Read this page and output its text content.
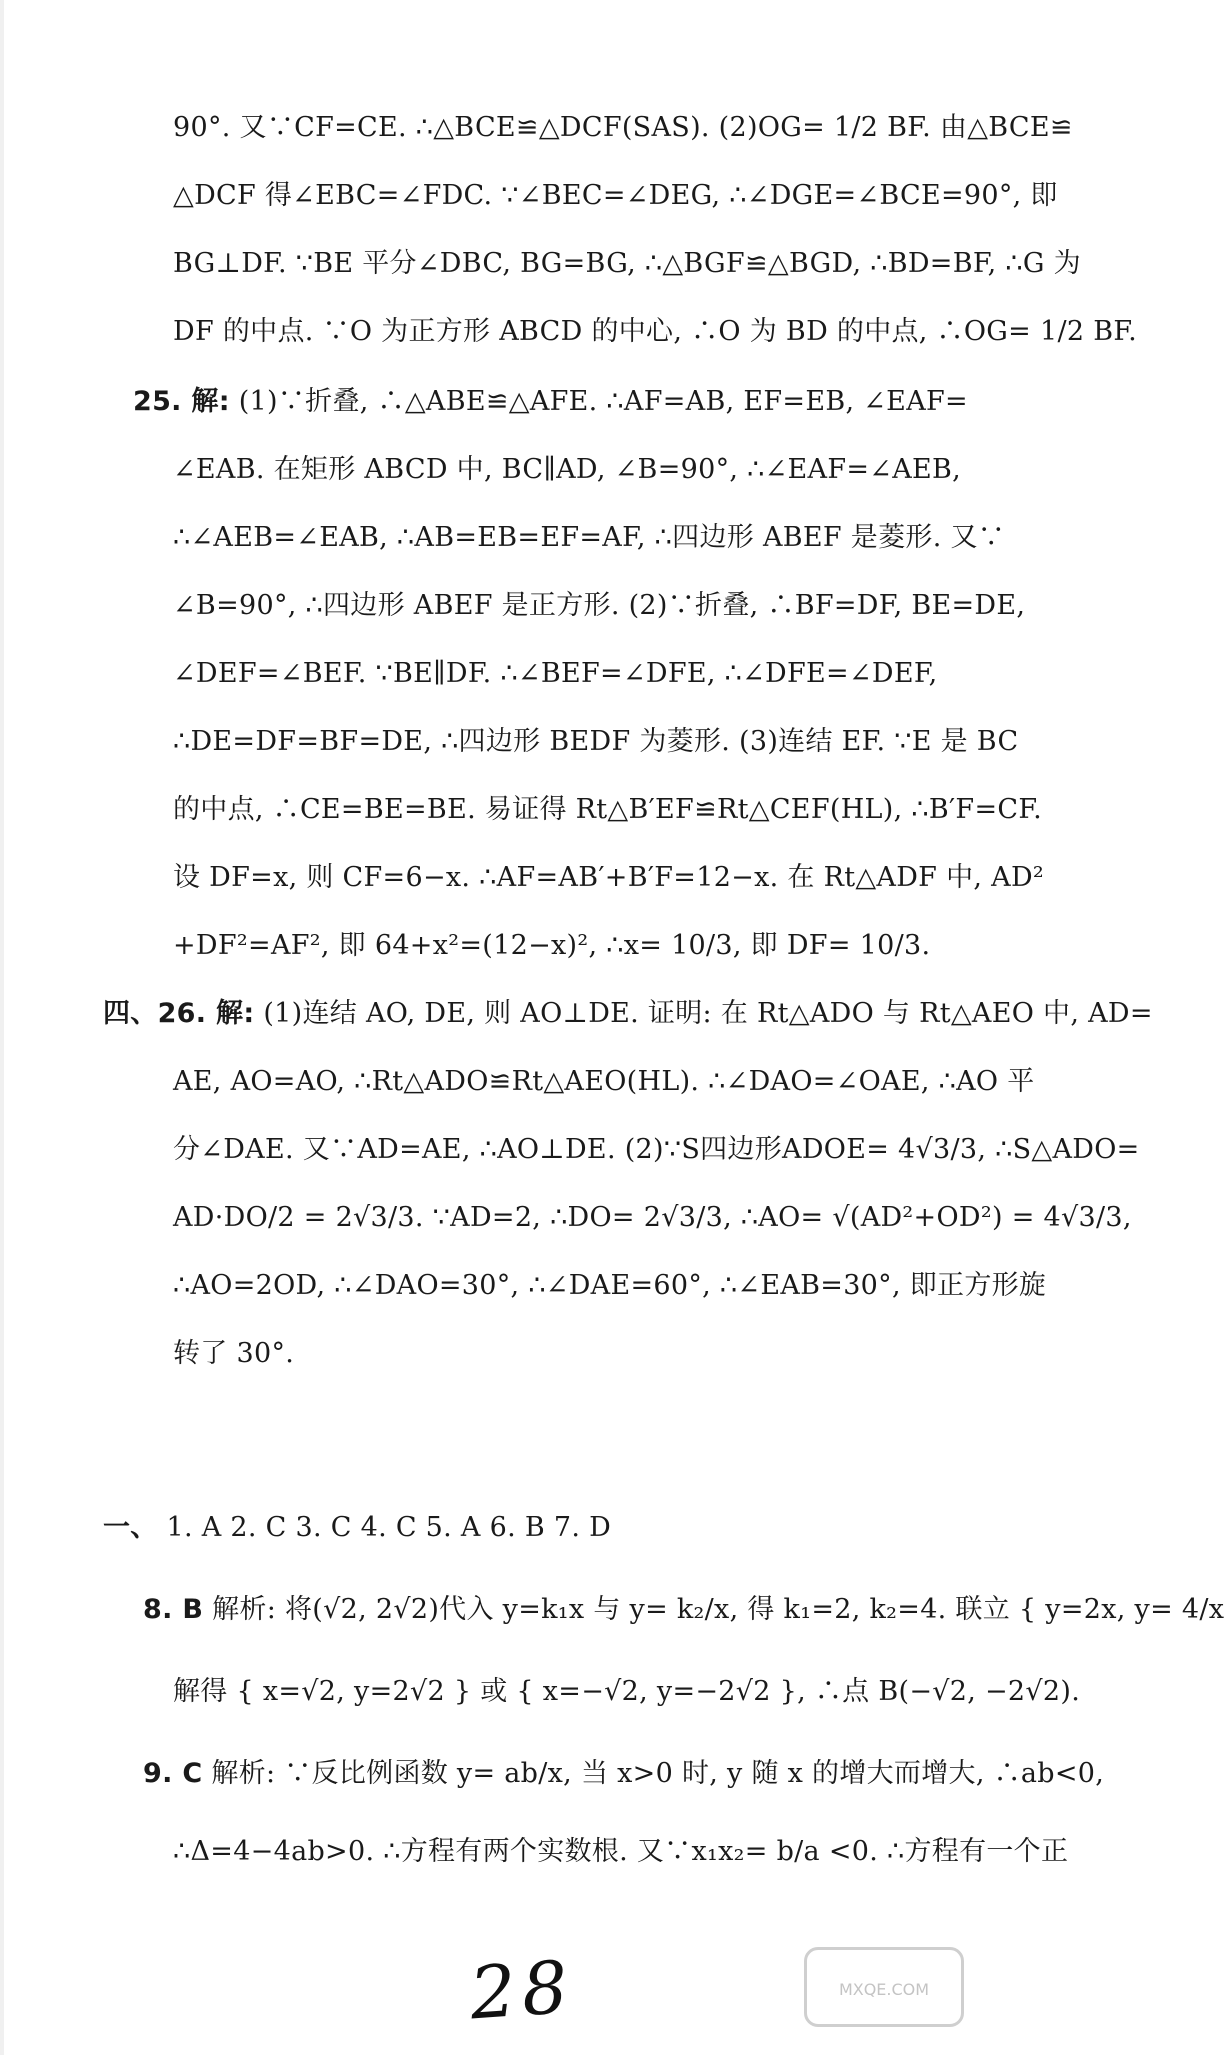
90°. 又∵CF=CE. ∴△BCE≌△DCF(SAS). (2)OG= 1/2 BF. 由△BCE≌
△DCF 得∠EBC=∠FDC. ∵∠BEC=∠DEG, ∴∠DGE=∠BCE=90°, 即
BG⊥DF. ∵BE 平分∠DBC, BG=BG, ∴△BGF≌△BGD, ∴BD=BF, ∴G 为
DF 的中点. ∵O 为正方形 ABCD 的中心, ∴O 为 BD 的中点, ∴OG= 1/2 BF.
25. 解: (1)∵折叠, ∴△ABE≌△AFE. ∴AF=AB, EF=EB, ∠EAF=
∠EAB. 在矩形 ABCD 中, BC∥AD, ∠B=90°, ∴∠EAF=∠AEB,
∴∠AEB=∠EAB, ∴AB=EB=EF=AF, ∴四边形 ABEF 是菱形. 又∵
∠B=90°, ∴四边形 ABEF 是正方形. (2)∵折叠, ∴BF=DF, BE=DE,
∠DEF=∠BEF. ∵BE∥DF. ∴∠BEF=∠DFE, ∴∠DFE=∠DEF,
∴DE=DF=BF=DE, ∴四边形 BEDF 为菱形. (3)连结 EF. ∵E 是 BC
的中点, ∴CE=BE=BE. 易证得 Rt△B′EF≌Rt△CEF(HL), ∴B′F=CF.
设 DF=x, 则 CF=6−x. ∴AF=AB′+B′F=12−x. 在 Rt△ADF 中, AD²
+DF²=AF², 即 64+x²=(12−x)², ∴x= 10/3, 即 DF= 10/3.
四、26. 解: (1)连结 AO, DE, 则 AO⊥DE. 证明: 在 Rt△ADO 与 Rt△AEO 中, AD=
AE, AO=AO, ∴Rt△ADO≌Rt△AEO(HL). ∴∠DAO=∠OAE, ∴AO 平
分∠DAE. 又∵AD=AE, ∴AO⊥DE. (2)∵S四边形ADOE= 4√3/3, ∴S△ADO=
AD·DO/2 = 2√3/3. ∵AD=2, ∴DO= 2√3/3, ∴AO= √(AD²+OD²) = 4√3/3,
∴AO=2OD, ∴∠DAO=30°, ∴∠DAE=60°, ∴∠EAB=30°, 即正方形旋
转了 30°.
一、 1. A 2. C 3. C 4. C 5. A 6. B 7. D
8. B 解析: 将(√2, 2√2)代入 y=k₁x 与 y= k₂/x, 得 k₁=2, k₂=4. 联立 { y=2x, y= 4/x
解得 { x=√2, y=2√2 } 或 { x=−√2, y=−2√2 }, ∴点 B(−√2, −2√2).
9. C 解析: ∵反比例函数 y= ab/x, 当 x>0 时, y 随 x 的增大而增大, ∴ab<0,
∴Δ=4−4ab>0. ∴方程有两个实数根. 又∵x₁x₂= b/a <0. ∴方程有一个正
28	MXQE.COM
